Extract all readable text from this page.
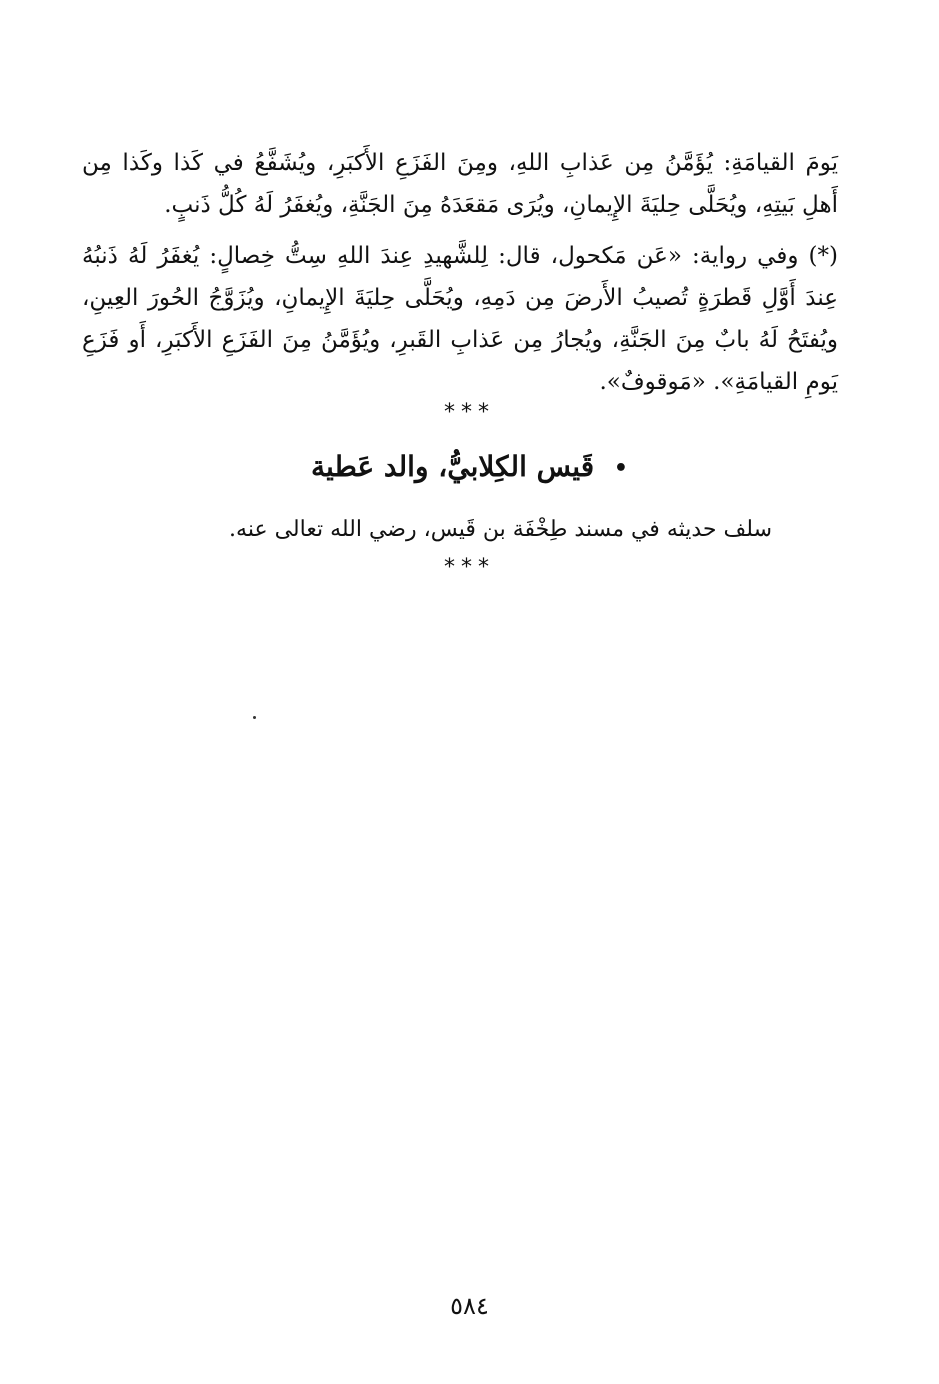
يَومَ القيامَةِ: يُؤَمَّنُ مِن عَذابِ اللهِ، ومِنَ الفَزَعِ الأَكبَرِ، ويُشَفَّعُ في كَذا وكَذا مِن أَهلِ بَيتِهِ، ويُحَلَّى حِليَةَ الإِيمانِ، ويُرَى مَقعَدَهُ مِنَ الجَنَّةِ، ويُغفَرُ لَهُ كُلُّ ذَنبٍ.

(*) وفي رواية: «عَن مَكحول، قال: لِلشَّهيدِ عِندَ اللهِ سِتُّ خِصالٍ: يُغفَرُ لَهُ ذَنبُهُ عِندَ أَوَّلِ قَطرَةٍ تُصيبُ الأَرضَ مِن دَمِهِ، ويُحَلَّى حِليَةَ الإِيمانِ، ويُزَوَّجُ الحُورَ العِينِ، ويُفتَحُ لَهُ بابٌ مِنَ الجَنَّةِ، ويُجارُ مِن عَذابِ القَبرِ، ويُؤَمَّنُ مِنَ الفَزَعِ الأَكبَرِ، أَو فَزَعِ يَومِ القيامَةِ». «مَوقوفٌ».

***
• قَيس الكِلابيُّ، والد عَطية

سلف حديثه في مسند طِخْفَة بن قَيس، رضي الله تعالى عنه.

***
٥٨٤
